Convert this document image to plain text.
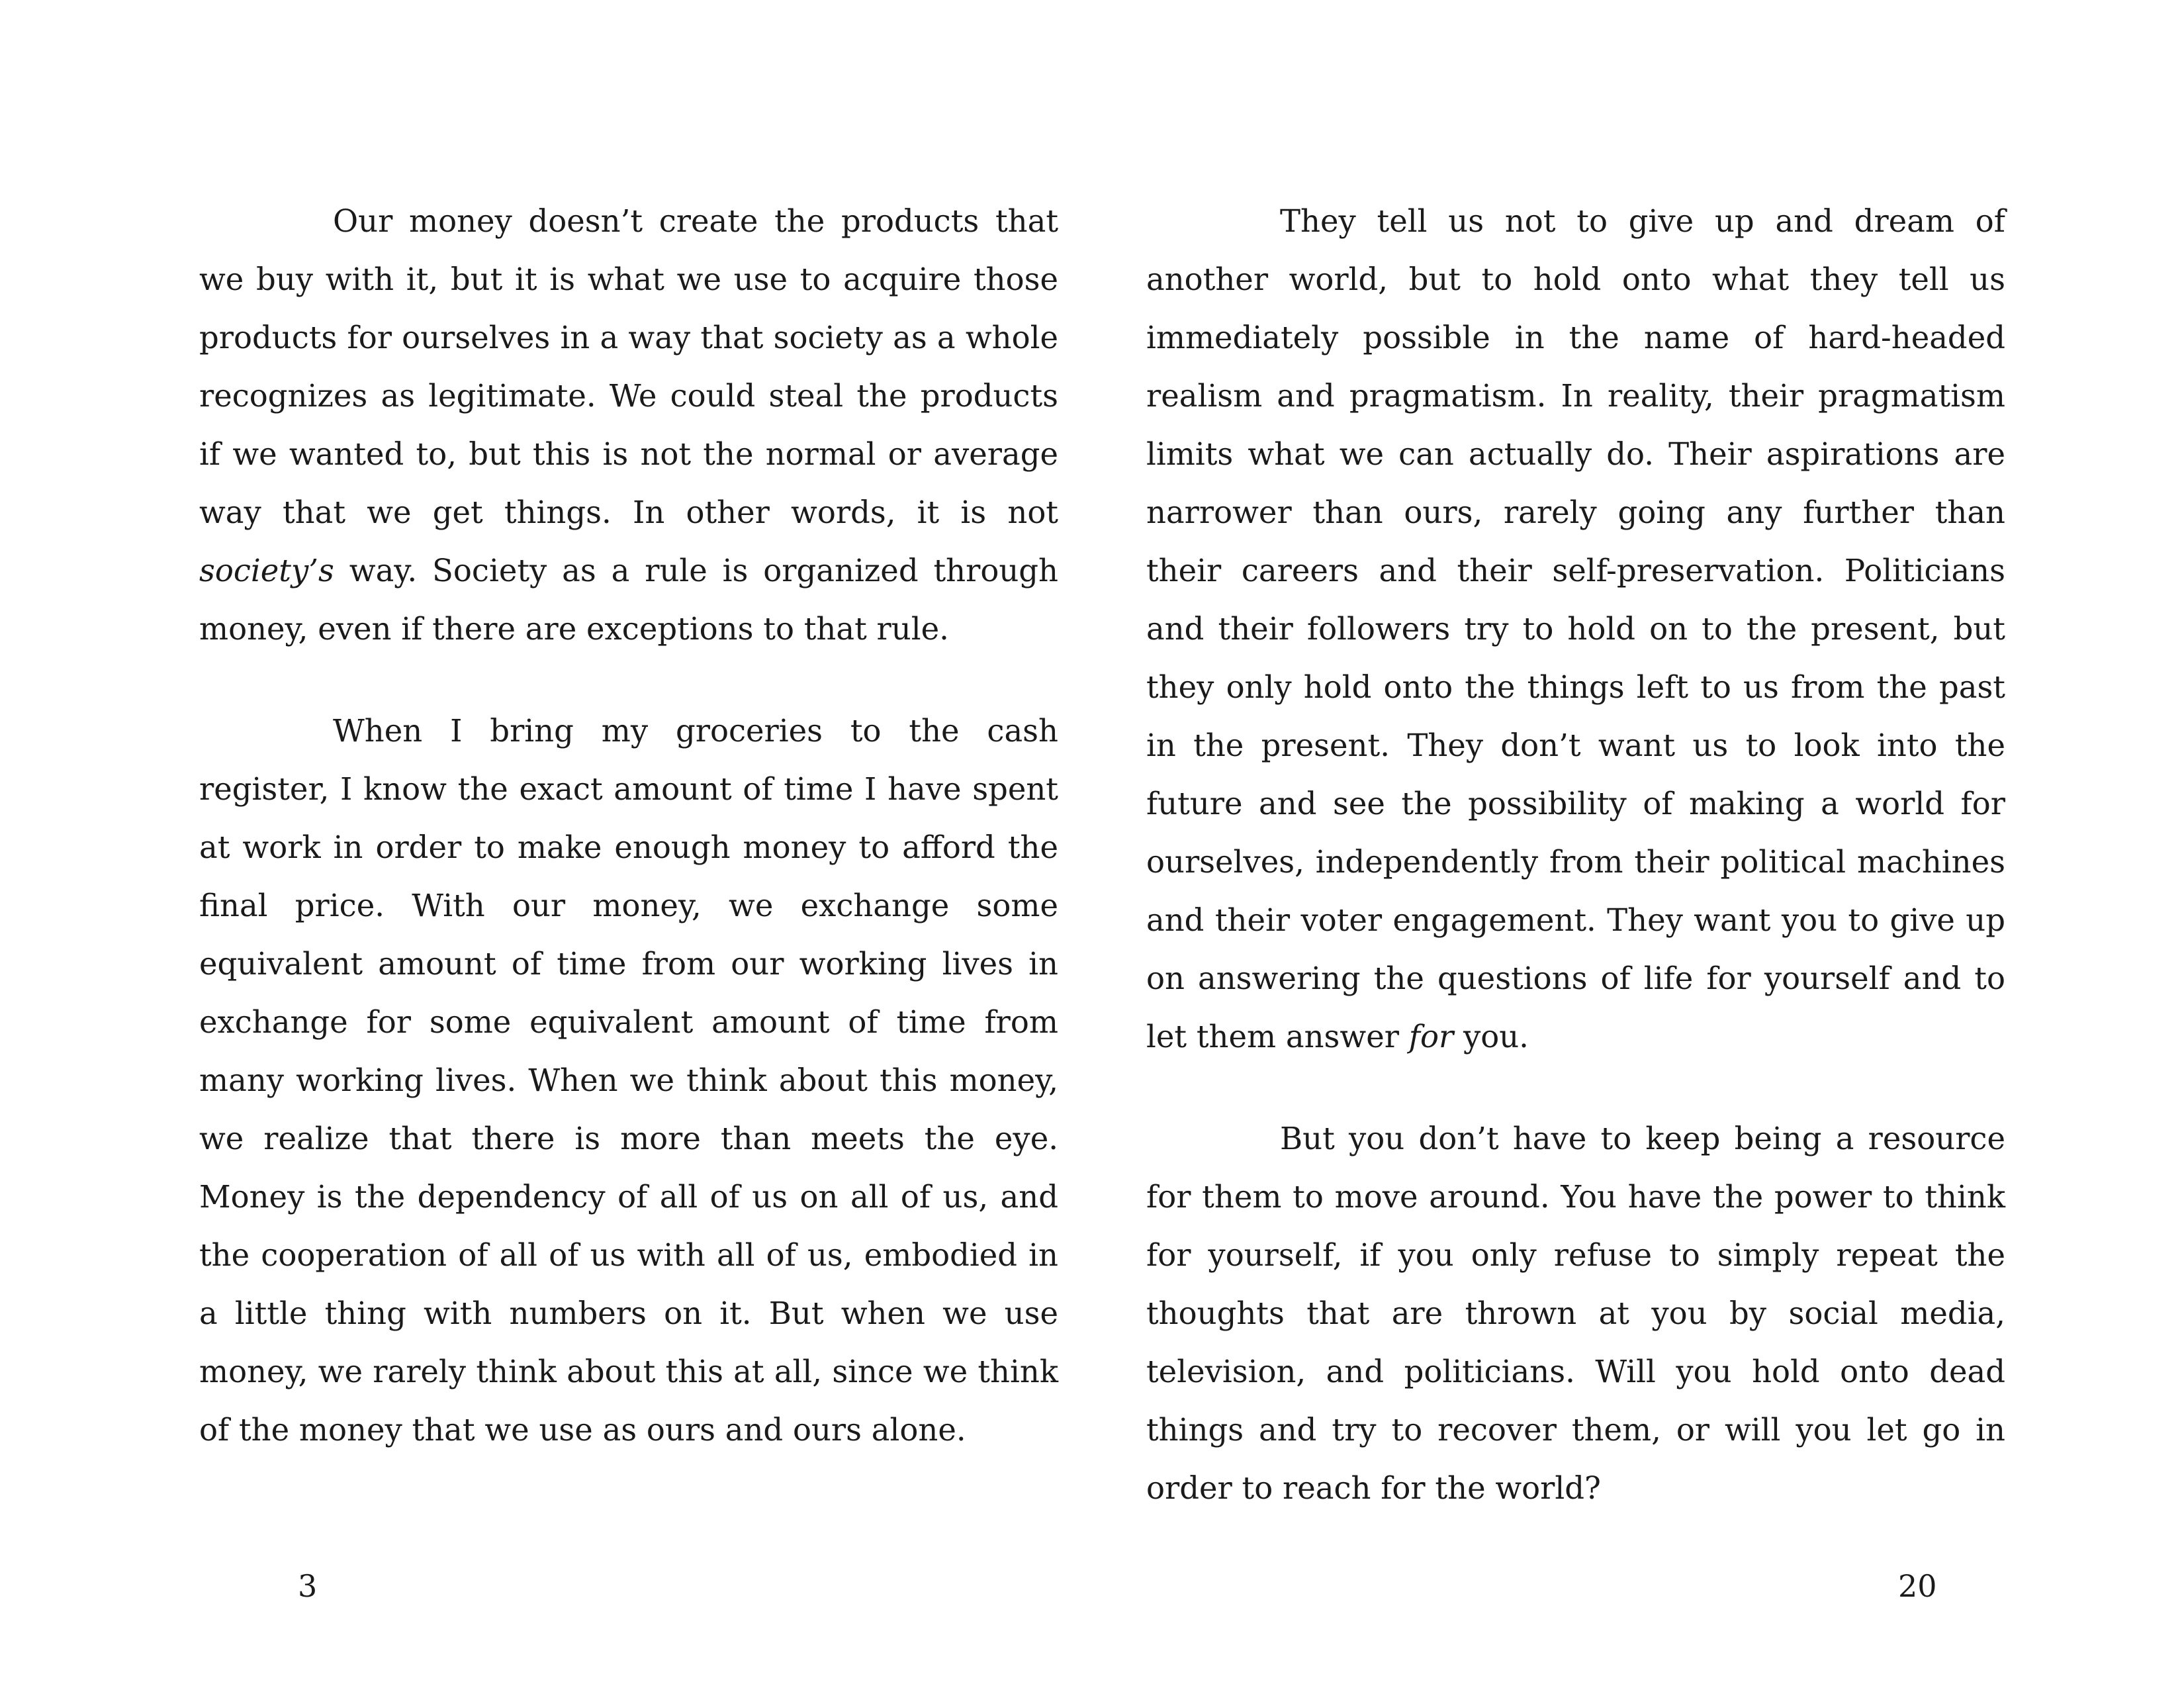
Our money doesn’t create the products that we buy with it, but it is what we use to acquire those products for ourselves in a way that society as a whole recognizes as legitimate. We could steal the products if we wanted to, but this is not the normal or average way that we get things. In other words, it is not society’s way. Society as a rule is organized through money, even if there are exceptions to that rule.

When I bring my groceries to the cash register, I know the exact amount of time I have spent at work in order to make enough money to afford the final price. With our money, we exchange some equivalent amount of time from our working lives in exchange for some equivalent amount of time from many working lives. When we think about this money, we realize that there is more than meets the eye. Money is the dependency of all of us on all of us, and the cooperation of all of us with all of us, embodied in a little thing with numbers on it. But when we use money, we rarely think about this at all, since we think of the money that we use as ours and ours alone.

3

They tell us not to give up and dream of another world, but to hold onto what they tell us immediately possible in the name of hard-headed realism and pragmatism. In reality, their pragmatism limits what we can actually do. Their aspirations are narrower than ours, rarely going any further than their careers and their self-preservation. Politicians and their followers try to hold on to the present, but they only hold onto the things left to us from the past in the present. They don’t want us to look into the future and see the possibility of making a world for ourselves, independently from their political machines and their voter engagement. They want you to give up on answering the questions of life for yourself and to let them answer for you.

But you don’t have to keep being a resource for them to move around. You have the power to think for yourself, if you only refuse to simply repeat the thoughts that are thrown at you by social media, television, and politicians. Will you hold onto dead things and try to recover them, or will you let go in order to reach for the world?

20
